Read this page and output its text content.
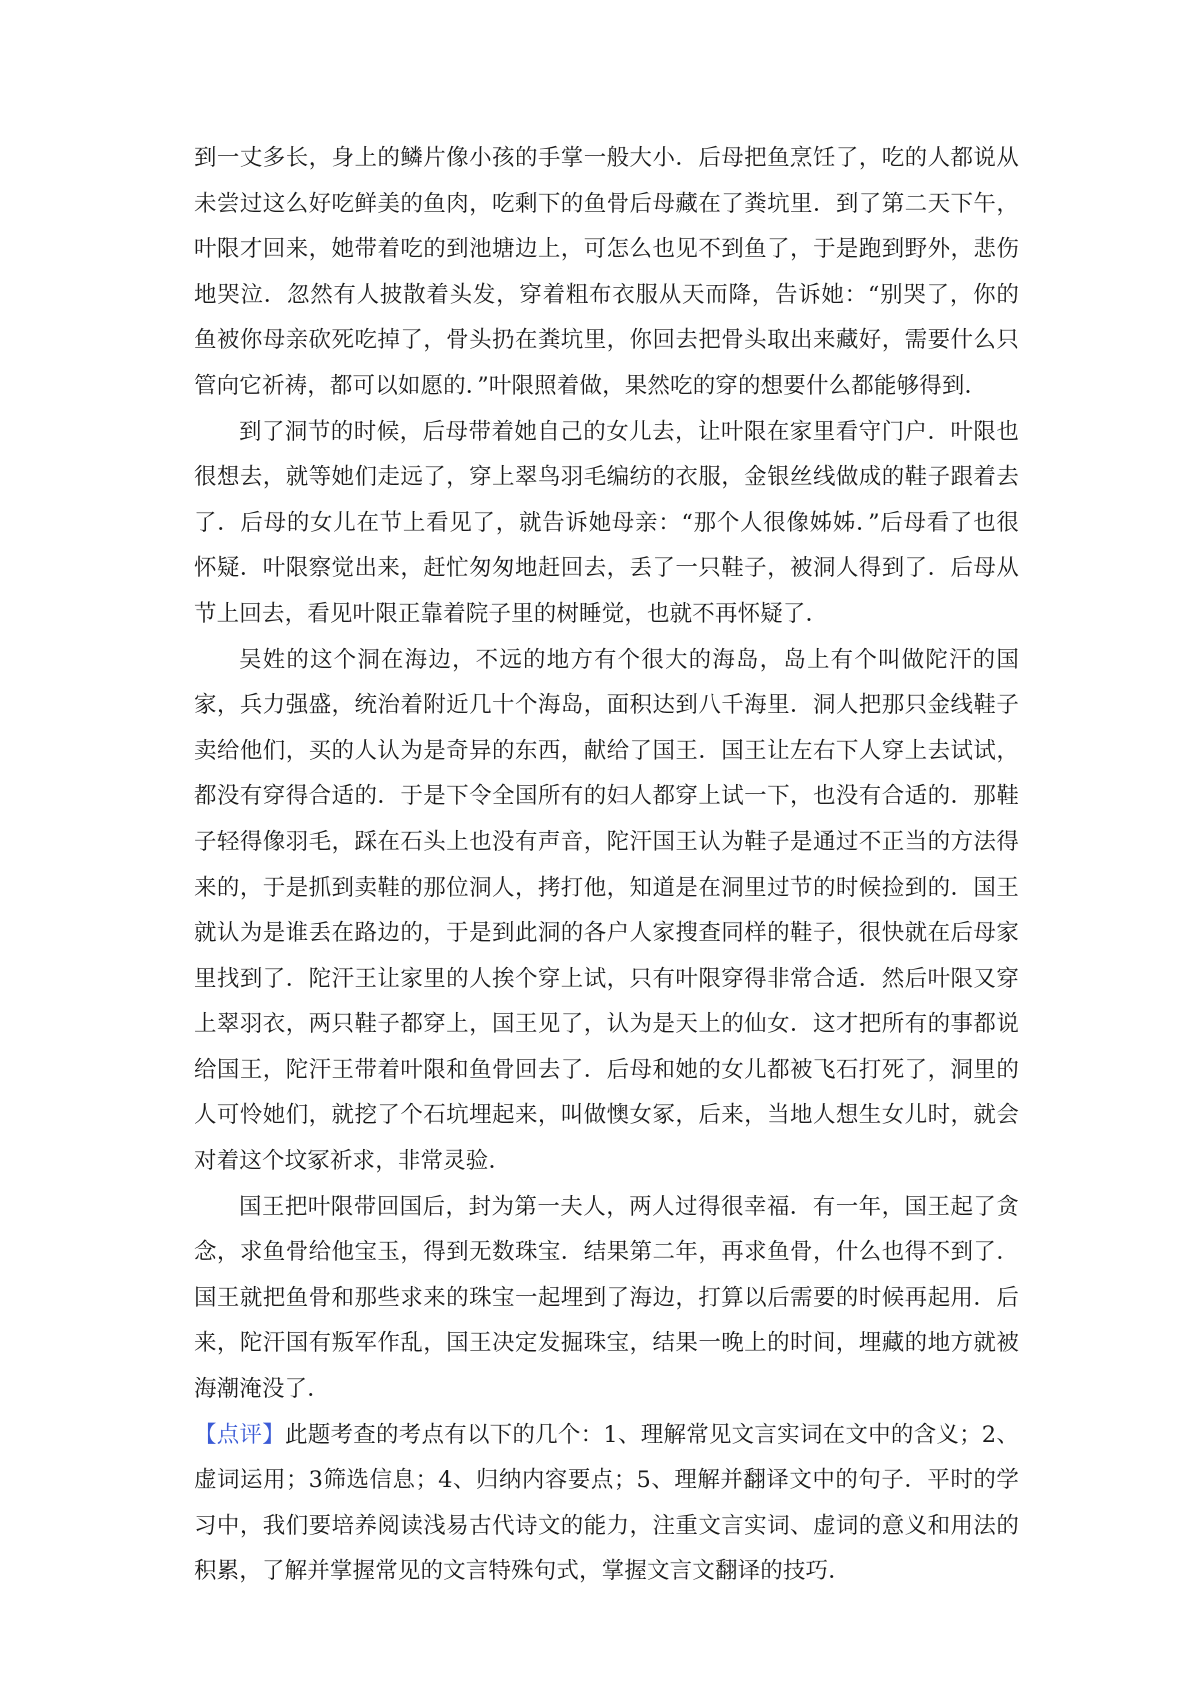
到一丈多长，身上的鳞片像小孩的手掌一般大小．后母把鱼烹饪了，吃的人都说从未尝过这么好吃鲜美的鱼肉，吃剩下的鱼骨后母藏在了粪坑里．到了第二天下午，叶限才回来，她带着吃的到池塘边上，可怎么也见不到鱼了，于是跑到野外，悲伤地哭泣．忽然有人披散着头发，穿着粗布衣服从天而降，告诉她：“别哭了，你的鱼被你母亲砍死吃掉了，骨头扔在粪坑里，你回去把骨头取出来藏好，需要什么只管向它祈祷，都可以如愿的．”叶限照着做，果然吃的穿的想要什么都能够得到．

到了洞节的时候，后母带着她自己的女儿去，让叶限在家里看守门户．叶限也很想去，就等她们走远了，穿上翠鸟羽毛编纺的衣服，金银丝线做成的鞋子跟着去了．后母的女儿在节上看见了，就告诉她母亲：“那个人很像姊姊．”后母看了也很怀疑．叶限察觉出来，赶忙匆匆地赶回去，丢了一只鞋子，被洞人得到了．后母从节上回去，看见叶限正靠着院子里的树睡觉，也就不再怀疑了．

吴姓的这个洞在海边，不远的地方有个很大的海岛，岛上有个叫做陀汗的国家，兵力强盛，统治着附近几十个海岛，面积达到八千海里．洞人把那只金线鞋子卖给他们，买的人认为是奇异的东西，献给了国王．国王让左右下人穿上去试试，都没有穿得合适的．于是下令全国所有的妇人都穿上试一下，也没有合适的．那鞋子轻得像羽毛，踩在石头上也没有声音，陀汗国王认为鞋子是通过不正当的方法得来的，于是抓到卖鞋的那位洞人，拷打他，知道是在洞里过节的时候捡到的．国王就认为是谁丢在路边的，于是到此洞的各户人家搜查同样的鞋子，很快就在后母家里找到了．陀汗王让家里的人挨个穿上试，只有叶限穿得非常合适．然后叶限又穿上翠羽衣，两只鞋子都穿上，国王见了，认为是天上的仙女．这才把所有的事都说给国王，陀汗王带着叶限和鱼骨回去了．后母和她的女儿都被飞石打死了，洞里的人可怜她们，就挖了个石坑埋起来，叫做懊女冢，后来，当地人想生女儿时，就会对着这个坟冢祈求，非常灵验．

国王把叶限带回国后，封为第一夫人，两人过得很幸福．有一年，国王起了贪念，求鱼骨给他宝玉，得到无数珠宝．结果第二年，再求鱼骨，什么也得不到了．国王就把鱼骨和那些求来的珠宝一起埋到了海边，打算以后需要的时候再起用．后来，陀汗国有叛军作乱，国王决定发掘珠宝，结果一晚上的时间，埋藏的地方就被海潮淹没了．

【点评】此题考查的考点有以下的几个：1、理解常见文言实词在文中的含义；2、虚词运用；3筛选信息；4、归纳内容要点；5、理解并翻译文中的句子．平时的学习中，我们要培养阅读浅易古代诗文的能力，注重文言实词、虚词的意义和用法的积累，了解并掌握常见的文言特殊句式，掌握文言文翻译的技巧．
